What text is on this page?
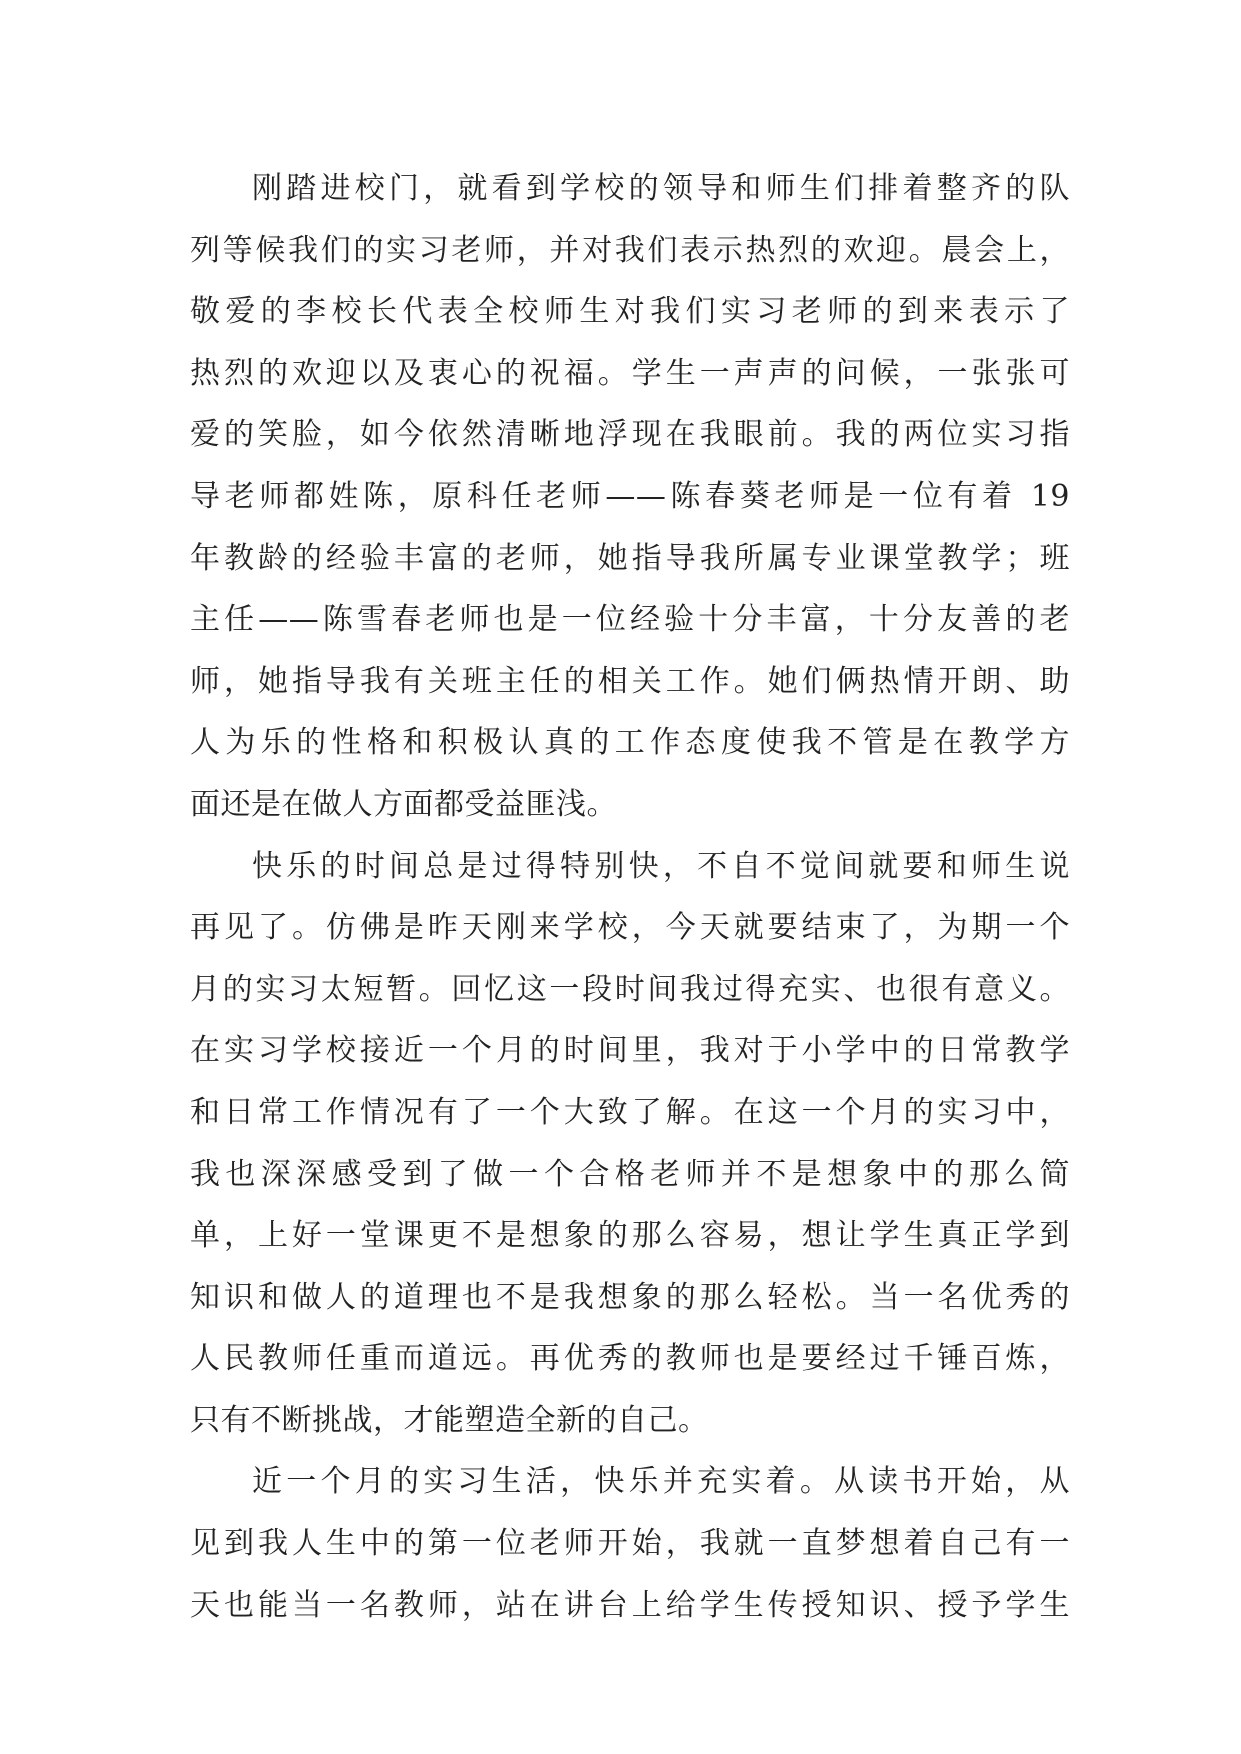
刚踏进校门，就看到学校的领导和师生们排着整齐的队
列等候我们的实习老师，并对我们表示热烈的欢迎。晨会上，
敬爱的李校长代表全校师生对我们实习老师的到来表示了
热烈的欢迎以及衷心的祝福。学生一声声的问候，一张张可
爱的笑脸，如今依然清晰地浮现在我眼前。我的两位实习指
导老师都姓陈，原科任老师——陈春葵老师是一位有着 19
年教龄的经验丰富的老师，她指导我所属专业课堂教学；班
主任——陈雪春老师也是一位经验十分丰富，十分友善的老
师，她指导我有关班主任的相关工作。她们俩热情开朗、助
人为乐的性格和积极认真的工作态度使我不管是在教学方
面还是在做人方面都受益匪浅。
快乐的时间总是过得特别快，不自不觉间就要和师生说
再见了。仿佛是昨天刚来学校，今天就要结束了，为期一个
月的实习太短暂。回忆这一段时间我过得充实、也很有意义。
在实习学校接近一个月的时间里，我对于小学中的日常教学
和日常工作情况有了一个大致了解。在这一个月的实习中，
我也深深感受到了做一个合格老师并不是想象中的那么简
单，上好一堂课更不是想象的那么容易，想让学生真正学到
知识和做人的道理也不是我想象的那么轻松。当一名优秀的
人民教师任重而道远。再优秀的教师也是要经过千锤百炼，
只有不断挑战，才能塑造全新的自己。
近一个月的实习生活，快乐并充实着。从读书开始，从
见到我人生中的第一位老师开始，我就一直梦想着自己有一
天也能当一名教师，站在讲台上给学生传授知识、授予学生
